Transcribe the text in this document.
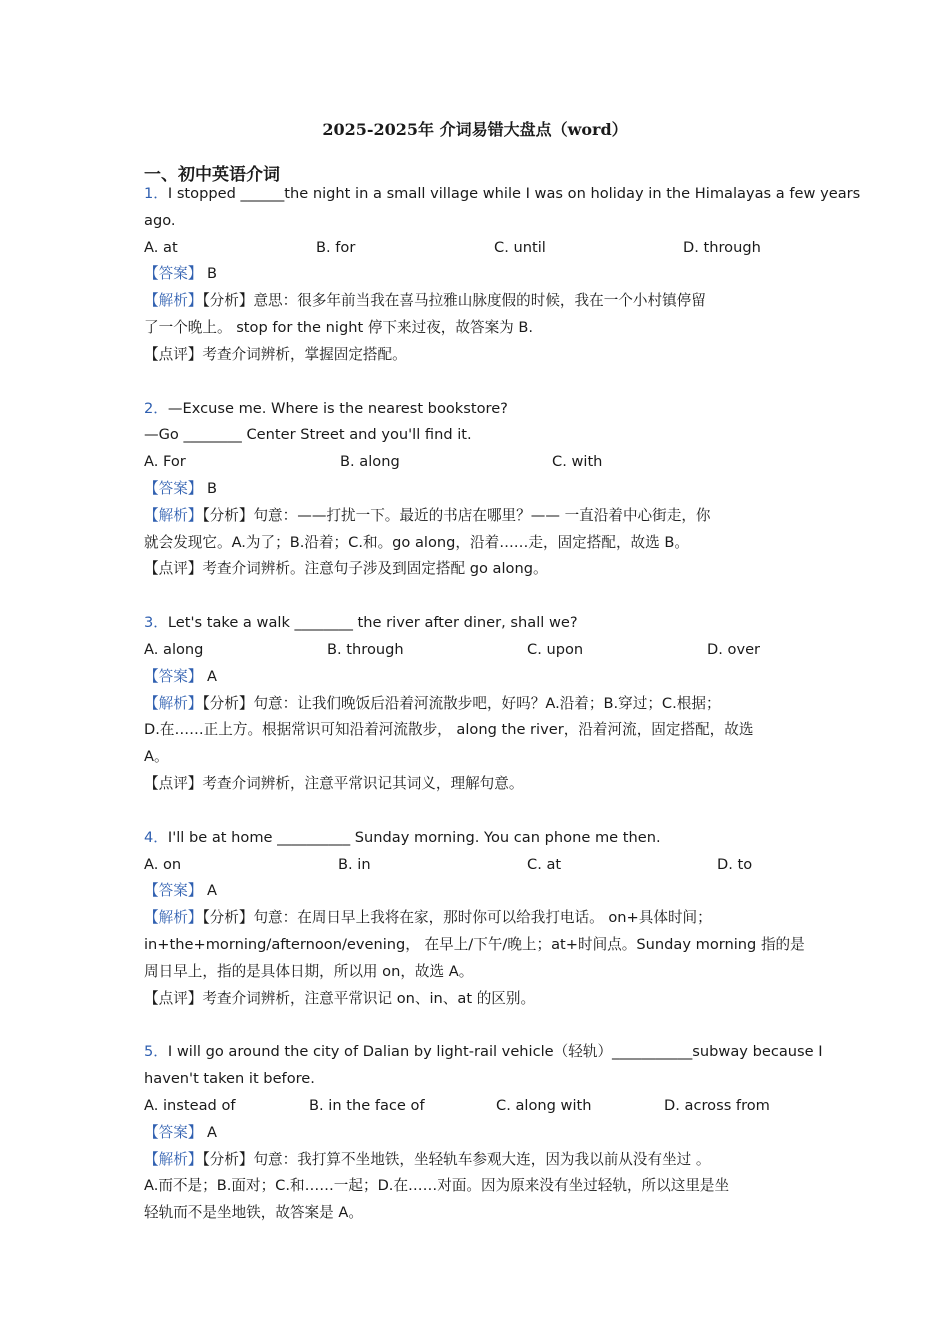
2025-2025年 介词易错大盘点（word）
一、初中英语介词
1．I stopped ______the night in a small village while I was on holiday in the Himalayas a few years
ago.
A. at	B. for	C. until	D. through
【答案】 B
【解析】【分析】意思：很多年前当我在喜马拉雅山脉度假的时候，我在一个小村镇停留
了一个晚上。 stop for the night 停下来过夜，故答案为 B.
【点评】考查介词辨析，掌握固定搭配。
2．—Excuse me. Where is the nearest bookstore?
—Go ________ Center Street and you'll find it.
A. For	B. along	C. with
【答案】 B
【解析】【分析】句意：——打扰一下。最近的书店在哪里？—— 一直沿着中心街走，你
就会发现它。A.为了；B.沿着；C.和。go along，沿着……走，固定搭配，故选 B。
【点评】考查介词辨析。注意句子涉及到固定搭配 go along。
3．Let's take a walk ________ the river after diner, shall we?
A. along	B. through	C. upon	D. over
【答案】 A
【解析】【分析】句意：让我们晚饭后沿着河流散步吧，好吗？A.沿着；B.穿过；C.根据；
D.在……正上方。根据常识可知沿着河流散步， along the river，沿着河流，固定搭配，故选
A。
【点评】考查介词辨析，注意平常识记其词义，理解句意。
4．I'll be at home __________ Sunday morning. You can phone me then.
A. on	B. in	C. at	D. to
【答案】 A
【解析】【分析】句意：在周日早上我将在家，那时你可以给我打电话。 on+具体时间；
in+the+morning/afternoon/evening， 在早上/下午/晚上；at+时间点。Sunday morning 指的是
周日早上，指的是具体日期，所以用 on，故选 A。
【点评】考查介词辨析，注意平常识记 on、in、at 的区别。
5．I will go around the city of Dalian by light-rail vehicle（轻轨）___________subway because I
haven't taken it before.
A. instead of	B. in the face of	C. along with	D. across from
【答案】 A
【解析】【分析】句意：我打算不坐地铁，坐轻轨车参观大连，因为我以前从没有坐过 。
A.而不是；B.面对；C.和……一起；D.在……对面。因为原来没有坐过轻轨，所以这里是坐
轻轨而不是坐地铁，故答案是 A。
